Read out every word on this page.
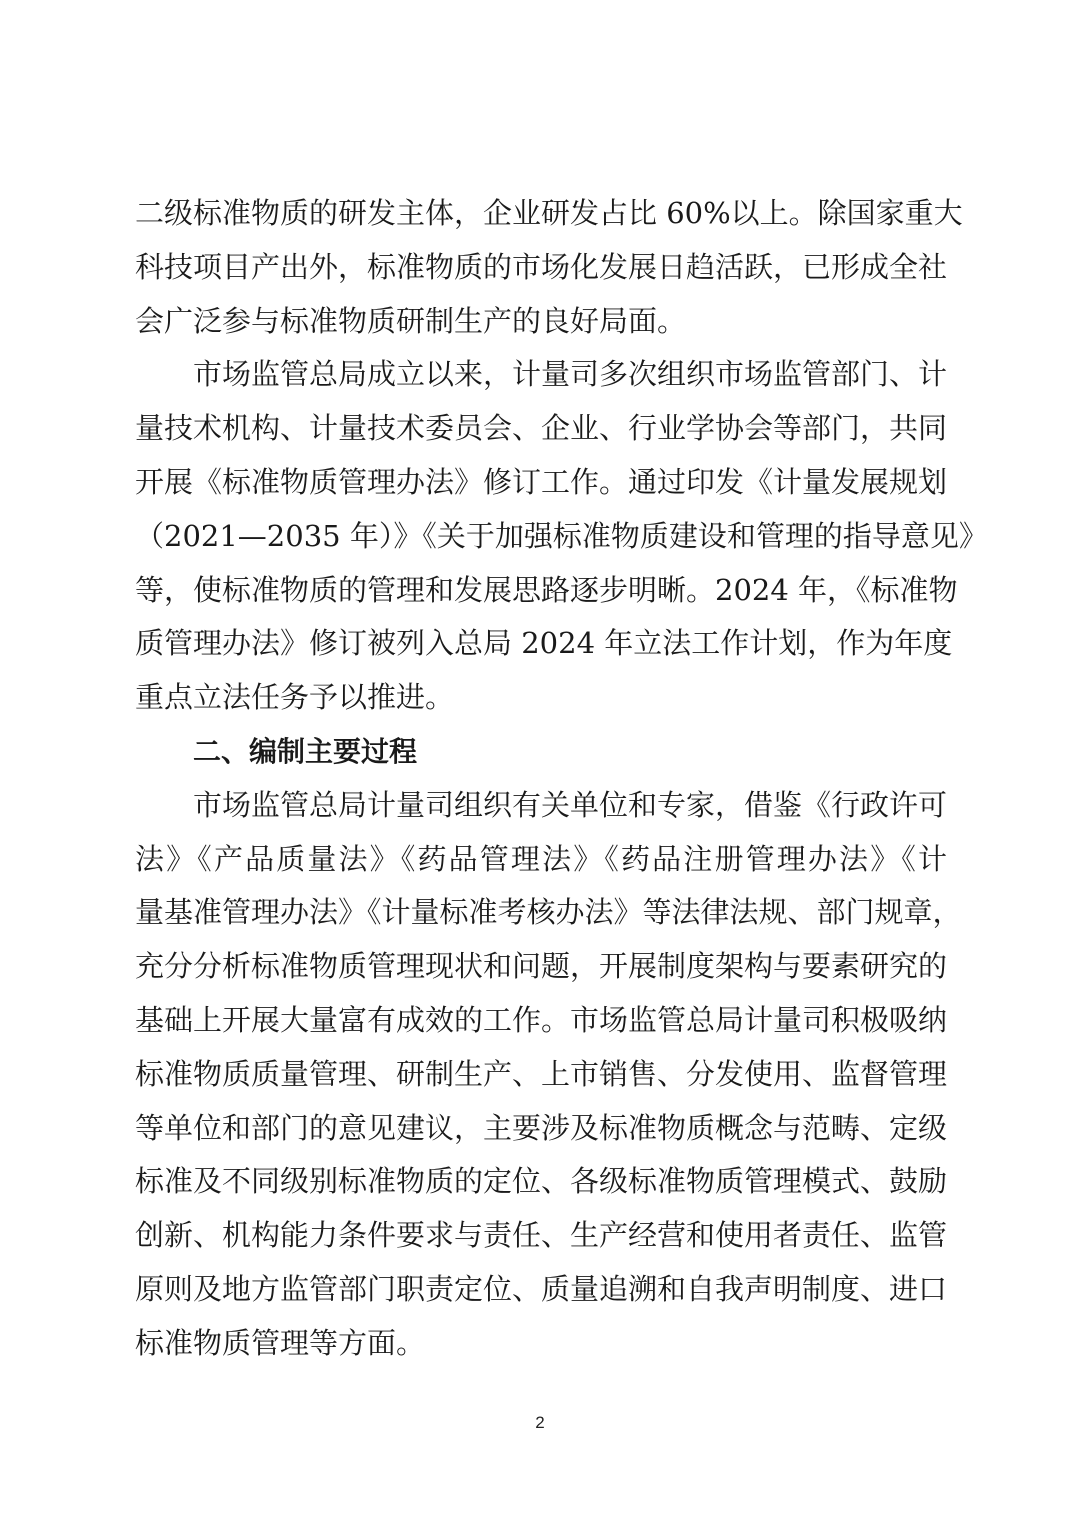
二级标准物质的研发主体，企业研发占比 60%以上。除国家重大
科技项目产出外，标准物质的市场化发展日趋活跃，已形成全社
会广泛参与标准物质研制生产的良好局面。
市场监管总局成立以来，计量司多次组织市场监管部门、计
量技术机构、计量技术委员会、企业、行业学协会等部门，共同
开展《标准物质管理办法》修订工作。通过印发《计量发展规划
（2021—2035 年）》《关于加强标准物质建设和管理的指导意见》
等，使标准物质的管理和发展思路逐步明晰。2024 年，《标准物
质管理办法》修订被列入总局 2024 年立法工作计划，作为年度
重点立法任务予以推进。
二、编制主要过程
市场监管总局计量司组织有关单位和专家，借鉴《行政许可
法》《产品质量法》《药品管理法》《药品注册管理办法》《计
量基准管理办法》《计量标准考核办法》等法律法规、部门规章，
充分分析标准物质管理现状和问题，开展制度架构与要素研究的
基础上开展大量富有成效的工作。市场监管总局计量司积极吸纳
标准物质质量管理、研制生产、上市销售、分发使用、监督管理
等单位和部门的意见建议，主要涉及标准物质概念与范畴、定级
标准及不同级别标准物质的定位、各级标准物质管理模式、鼓励
创新、机构能力条件要求与责任、生产经营和使用者责任、监管
原则及地方监管部门职责定位、质量追溯和自我声明制度、进口
标准物质管理等方面。
2
